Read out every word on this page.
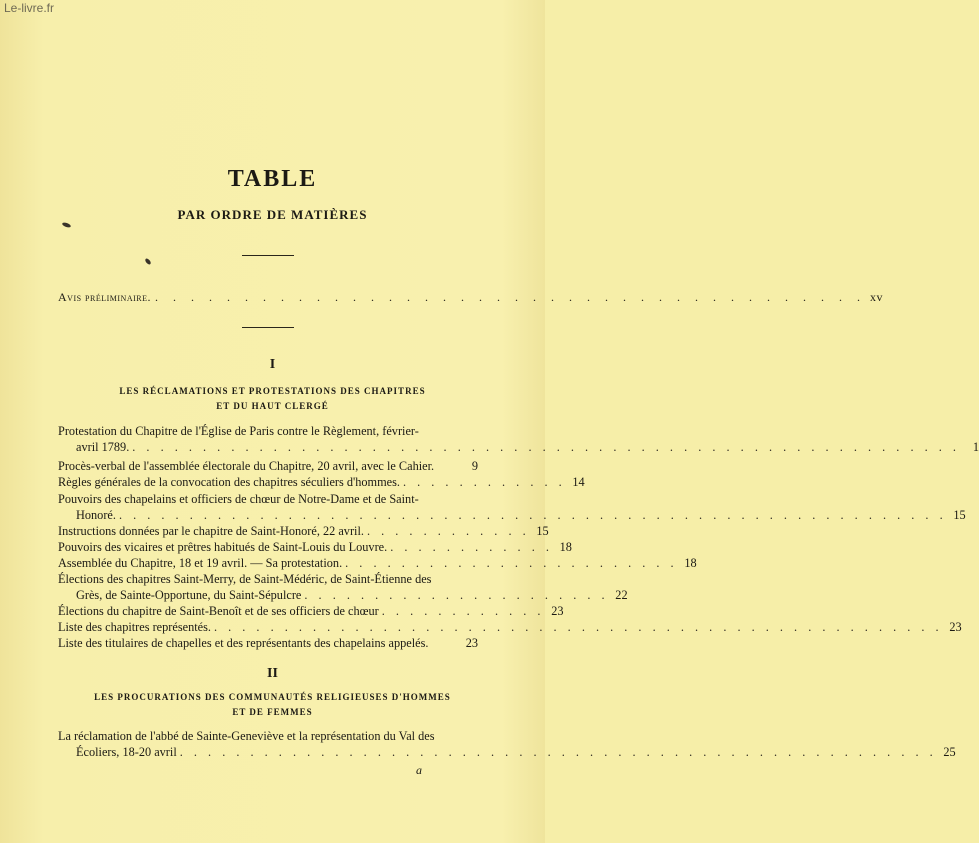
Le-livre.fr
TABLE
PAR ORDRE DE MATIÈRES
Avis préliminaire. . . . . . . . . . . . . . . . . . . . . . . . . . . . . . . . . . . . . . . . . xv
I
LES RÉCLAMATIONS ET PROTESTATIONS DES CHAPITRES
ET DU HAUT CLERGÉ
Protestation du Chapitre de l'Église de Paris contre le Règlement, février-
avril 1789. . . . . . . . . . . . . . . . . . . . . . . . . . . . . . . . . . . . . . . . . . . . . . . . . . . . . . . . . . . .	1
Procès-verbal de l'assemblée électorale du Chapitre, 20 avril, avec le Cahier.	9
Règles générales de la convocation des chapitres séculiers d'hommes. . . . . . . . . . . . . 14
Pouvoirs des chapelains et officiers de chœur de Notre-Dame et de Saint-
Honoré. . . . . . . . . . . . . . . . . . . . . . . . . . . . . . . . . . . . . . . . . . . . . . . . . . . . . . . . . . . . 15
Instructions données par le chapitre de Saint-Honoré, 22 avril. . . . . . . . . . . . . 15
Pouvoirs des vicaires et prêtres habitués de Saint-Louis du Louvre. . . . . . . . . . . . . 18
Assemblée du Chapitre, 18 et 19 avril. — Sa protestation. . . . . . . . . . . . . . . . . . . . . . . . . 18
Élections des chapitres Saint-Merry, de Saint-Médéric, de Saint-Étienne des
Grès, de Sainte-Opportune, du Saint-Sépulcre . . . . . . . . . . . . . . . . . . . . . . 22
Élections du chapitre de Saint-Benoît et de ses officiers de chœur . . . . . . . . . . . . 23
Liste des chapitres représentés. . . . . . . . . . . . . . . . . . . . . . . . . . . . . . . . . . . . . . . . . . . . . . . . . . . . . 23
Liste des titulaires de chapelles et des représentants des chapelains appelés.	23
II
LES PROCURATIONS DES COMMUNAUTÉS RELIGIEUSES D'HOMMES
ET DE FEMMES
La réclamation de l'abbé de Sainte-Geneviève et la représentation du Val des
Écoliers, 18-20 avril . . . . . . . . . . . . . . . . . . . . . . . . . . . . . . . . . . . . . . . . . . . . . . . . . . . . . . 25
a
